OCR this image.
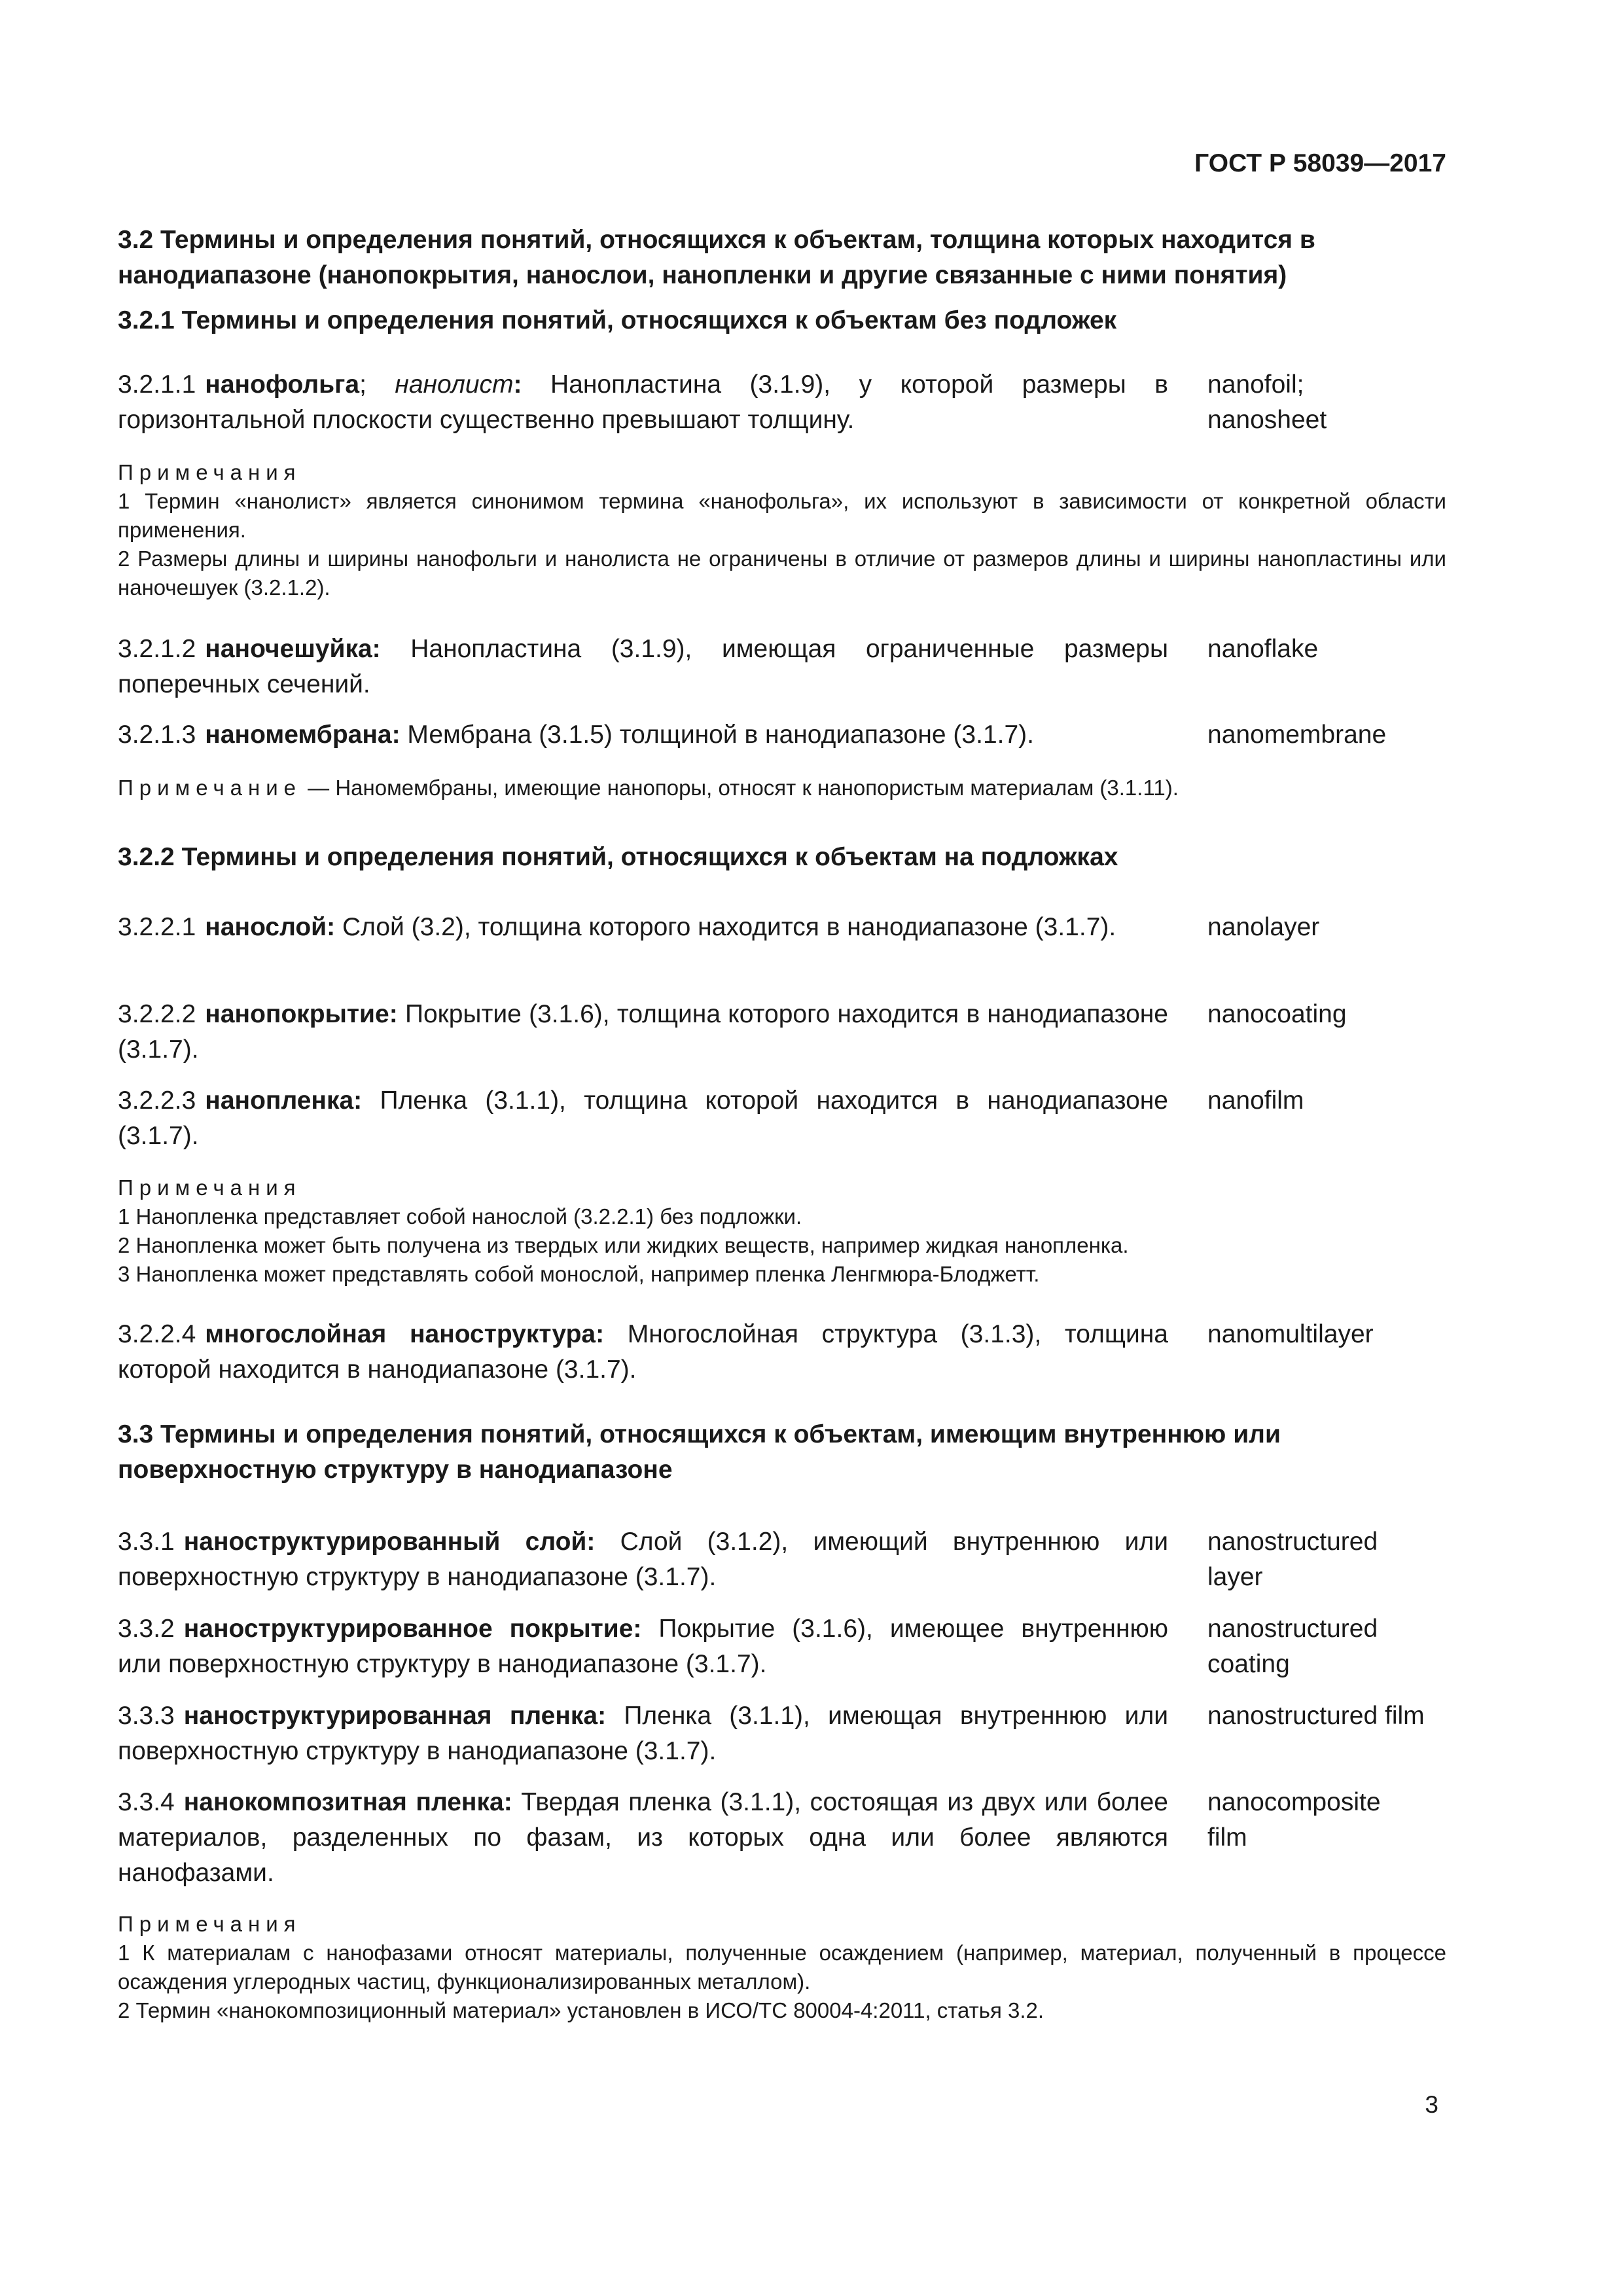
ГОСТ Р 58039—2017
3.2 Термины и определения понятий, относящихся к объектам, толщина которых находится в нанодиапазоне (нанопокрытия, нанослои, нанопленки и другие связанные с ними понятия)
3.2.1 Термины и определения понятий, относящихся к объектам без подложек
3.2.1.1 нанофольга; нанолист: Нанопластина (3.1.9), у которой размеры в горизонтальной плоскости существенно превышают толщину.
nanofoil;
nanosheet
Примечания
1 Термин «нанолист» является синонимом термина «нанофольга», их используют в зависимости от конкретной области применения.
2 Размеры длины и ширины нанофольги и нанолиста не ограничены в отличие от размеров длины и ширины нанопластины или наночешуек (3.2.1.2).
3.2.1.2 наночешуйка: Нанопластина (3.1.9), имеющая ограниченные размеры поперечных сечений.
nanoflake
3.2.1.3 наномембрана: Мембрана (3.1.5) толщиной в нанодиапазоне (3.1.7).	nanomembrane
Примечание — Наномембраны, имеющие нанопоры, относят к нанопористым материалам (3.1.11).
3.2.2 Термины и определения понятий, относящихся к объектам на подложках
3.2.2.1 нанослой: Слой (3.2), толщина которого находится в нанодиапазоне (3.1.7).	nanolayer
3.2.2.2 нанопокрытие: Покрытие (3.1.6), толщина которого находится в нанодиапазоне (3.1.7).
nanocoating
3.2.2.3 нанопленка: Пленка (3.1.1), толщина которой находится в нанодиапазоне (3.1.7).
nanofilm
Примечания
1 Нанопленка представляет собой нанослой (3.2.2.1) без подложки.
2 Нанопленка может быть получена из твердых или жидких веществ, например жидкая нанопленка.
3 Нанопленка может представлять собой монослой, например пленка Ленгмюра-Блоджетт.
3.2.2.4 многослойная наноструктура: Многослойная структура (3.1.3), толщина которой находится в нанодиапазоне (3.1.7).
nanomultilayer
3.3 Термины и определения понятий, относящихся к объектам, имеющим внутреннюю или поверхностную структуру в нанодиапазоне
3.3.1 наноструктурированный слой: Слой (3.1.2), имеющий внутреннюю или поверхностную структуру в нанодиапазоне (3.1.7).
nanostructured
layer
3.3.2 наноструктурированное покрытие: Покрытие (3.1.6), имеющее внутреннюю или поверхностную структуру в нанодиапазоне (3.1.7).
nanostructured
coating
3.3.3 наноструктурированная пленка: Пленка (3.1.1), имеющая внутреннюю или поверхностную структуру в нанодиапазоне (3.1.7).
nanostructured film
3.3.4 нанокомпозитная пленка: Твердая пленка (3.1.1), состоящая из двух или более материалов, разделенных по фазам, из которых одна или более являются нанофазами.
nanocomposite
film
Примечания
1 К материалам с нанофазами относят материалы, полученные осаждением (например, материал, полученный в процессе осаждения углеродных частиц, функционализированных металлом).
2 Термин «нанокомпозиционный материал» установлен в ИСО/ТС 80004-4:2011, статья 3.2.
3
